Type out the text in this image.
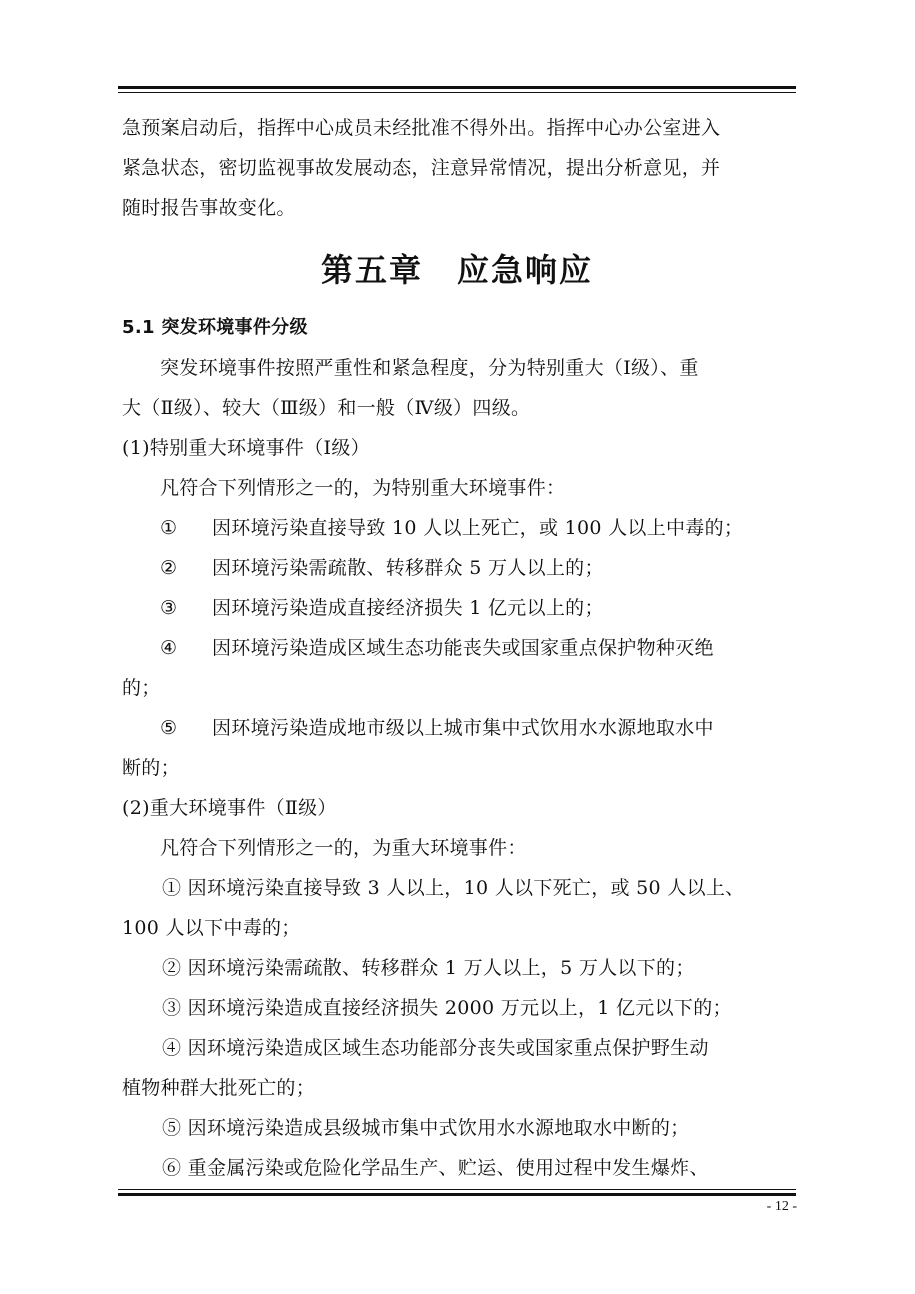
急预案启动后，指挥中心成员未经批准不得外出。指挥中心办公室进入
紧急状态，密切监视事故发展动态，注意异常情况，提出分析意见，并
随时报告事故变化。
第五章　应急响应
5.1 突发环境事件分级
突发环境事件按照严重性和紧急程度，分为特别重大（Ⅰ级）、重
大（Ⅱ级）、较大（Ⅲ级）和一般（Ⅳ级）四级。
(1)特别重大环境事件（Ⅰ级）
凡符合下列情形之一的，为特别重大环境事件：
① 因环境污染直接导致 10 人以上死亡，或 100 人以上中毒的；
② 因环境污染需疏散、转移群众 5 万人以上的；
③ 因环境污染造成直接经济损失 1 亿元以上的；
④ 因环境污染造成区域生态功能丧失或国家重点保护物种灭绝
的；
⑤ 因环境污染造成地市级以上城市集中式饮用水水源地取水中
断的；
(2)重大环境事件（Ⅱ级）
凡符合下列情形之一的，为重大环境事件：
① 因环境污染直接导致 3 人以上，10 人以下死亡，或 50 人以上、
100 人以下中毒的；
② 因环境污染需疏散、转移群众 1 万人以上，5 万人以下的；
③ 因环境污染造成直接经济损失 2000 万元以上，1 亿元以下的；
④ 因环境污染造成区域生态功能部分丧失或国家重点保护野生动
植物种群大批死亡的；
⑤ 因环境污染造成县级城市集中式饮用水水源地取水中断的；
⑥ 重金属污染或危险化学品生产、贮运、使用过程中发生爆炸、
- 12 -
